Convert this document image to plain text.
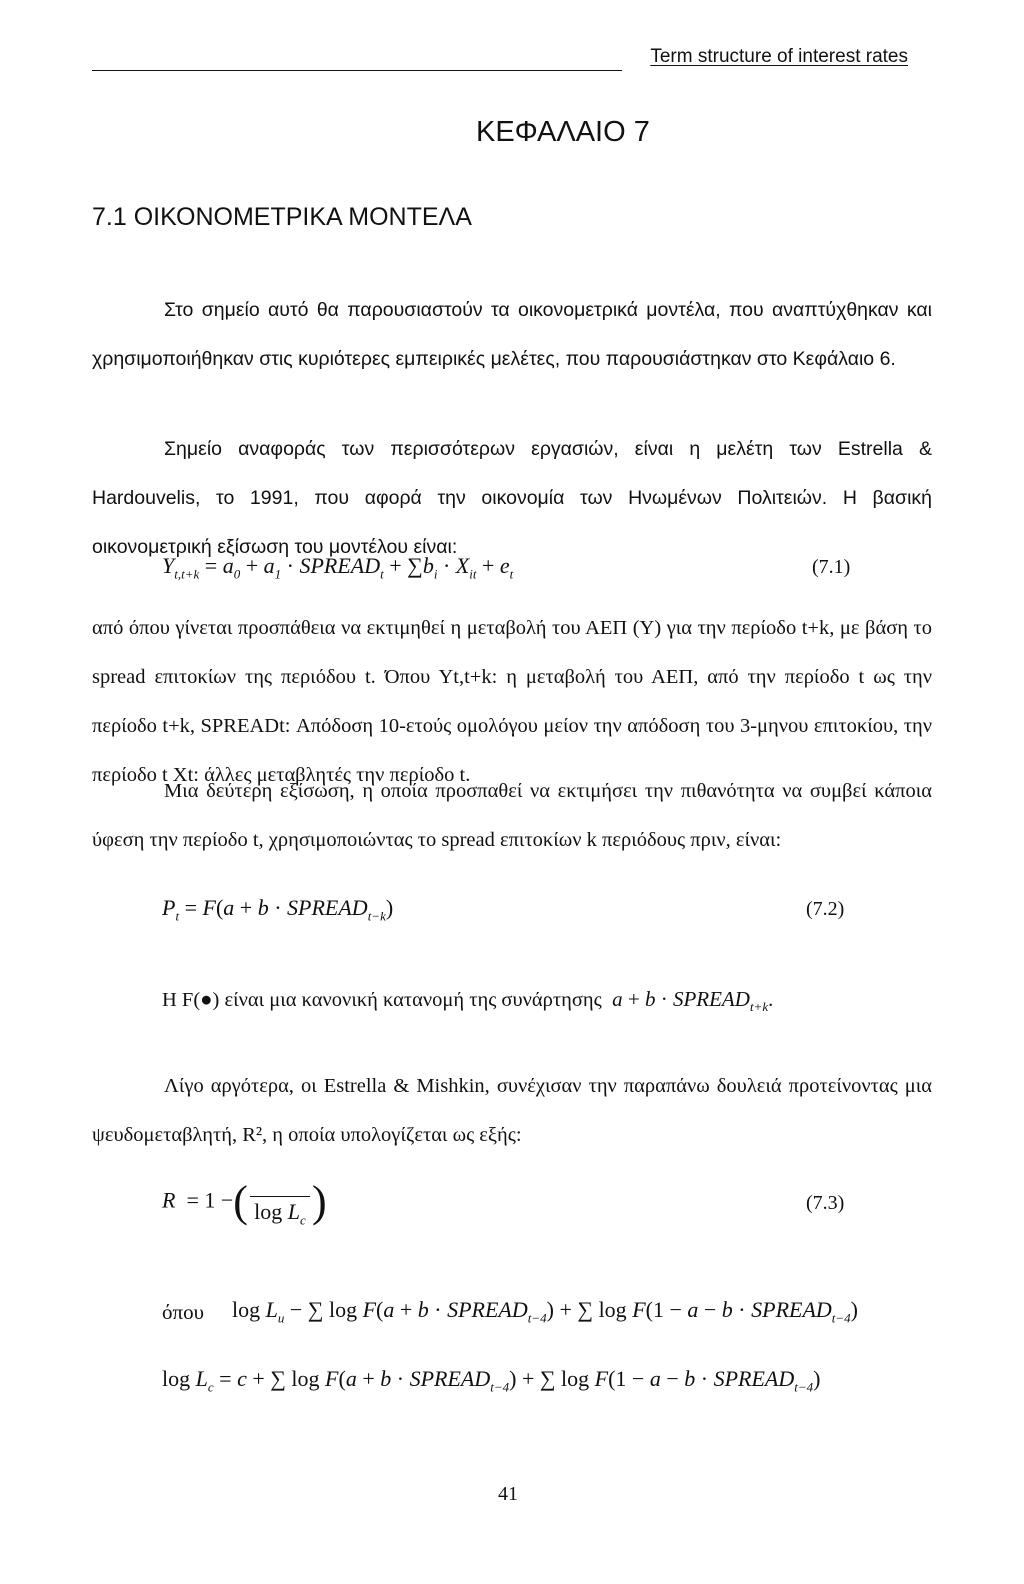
Term structure of interest rates
ΚΕΦΑΛΑΙΟ 7
7.1 ΟΙΚΟΝΟΜΕΤΡΙΚΑ ΜΟΝΤΕΛΑ
Στο σημείο αυτό θα παρουσιαστούν τα οικονομετρικά μοντέλα, που αναπτύχθηκαν και χρησιμοποιήθηκαν στις κυριότερες εμπειρικές μελέτες, που παρουσιάστηκαν στο Κεφάλαιο 6.
Σημείο αναφοράς των περισσότερων εργασιών, είναι η μελέτη των Estrella & Hardouvelis, το 1991, που αφορά την οικονομία των Ηνωμένων Πολιτειών. Η βασική οικονομετρική εξίσωση του μοντέλου είναι:
$Y_{t,t+k} = a_0 + a_1$ · $SPREAD_t + \sum b_i \cdot X_{it} + e_t$	(7.1)
από όπου γίνεται προσπάθεια να εκτιμηθεί η μεταβολή του ΑΕΠ (Υ) για την περίοδο t+k, με βάση το spread επιτοκίων της περιόδου t. Όπου Υt,t+k: η μεταβολή του ΑΕΠ, από την περίοδο t ως την περίοδο t+k, SPREADt: Απόδοση 10-ετούς ομολόγου μείον την απόδοση του 3-μηνου επιτοκίου, την περίοδο t Xt: άλλες μεταβλητές την περίοδο t.
Μια δεύτερη εξίσωση, η οποία προσπαθεί να εκτιμήσει την πιθανότητα να συμβεί κάποια ύφεση την περίοδο t, χρησιμοποιώντας το spread επιτοκίων k περιόδους πριν, είναι:
$P_t = F(a + b$ · $SPREAD_{t-k}$)	(7.2)
Η F(●) είναι μια κανονική κατανομή της συνάρτησης  $a + b \cdot SPREAD_{t+k}$.
Λίγο αργότερα, οι Estrella & Mishkin, συνέχισαν την παραπάνω δουλειά προτείνοντας μια ψευδομεταβλητή, R², η οποία υπολογίζεται ως εξής:
R  = 1 −( $\log L_c$ )	(7.3)
όπου $\log L_u$ − ∑ $\log F(a + b \cdot SPREAD_{t-4})$ + ∑ $\log F(1 - a - b \cdot SPREAD_{t-4})$
$\log L_c = c$ + ∑ $\log F(a + b \cdot SPREAD_{t-4})$ + ∑ $\log F(1 - a - b \cdot SPREAD_{t-4})$
41
